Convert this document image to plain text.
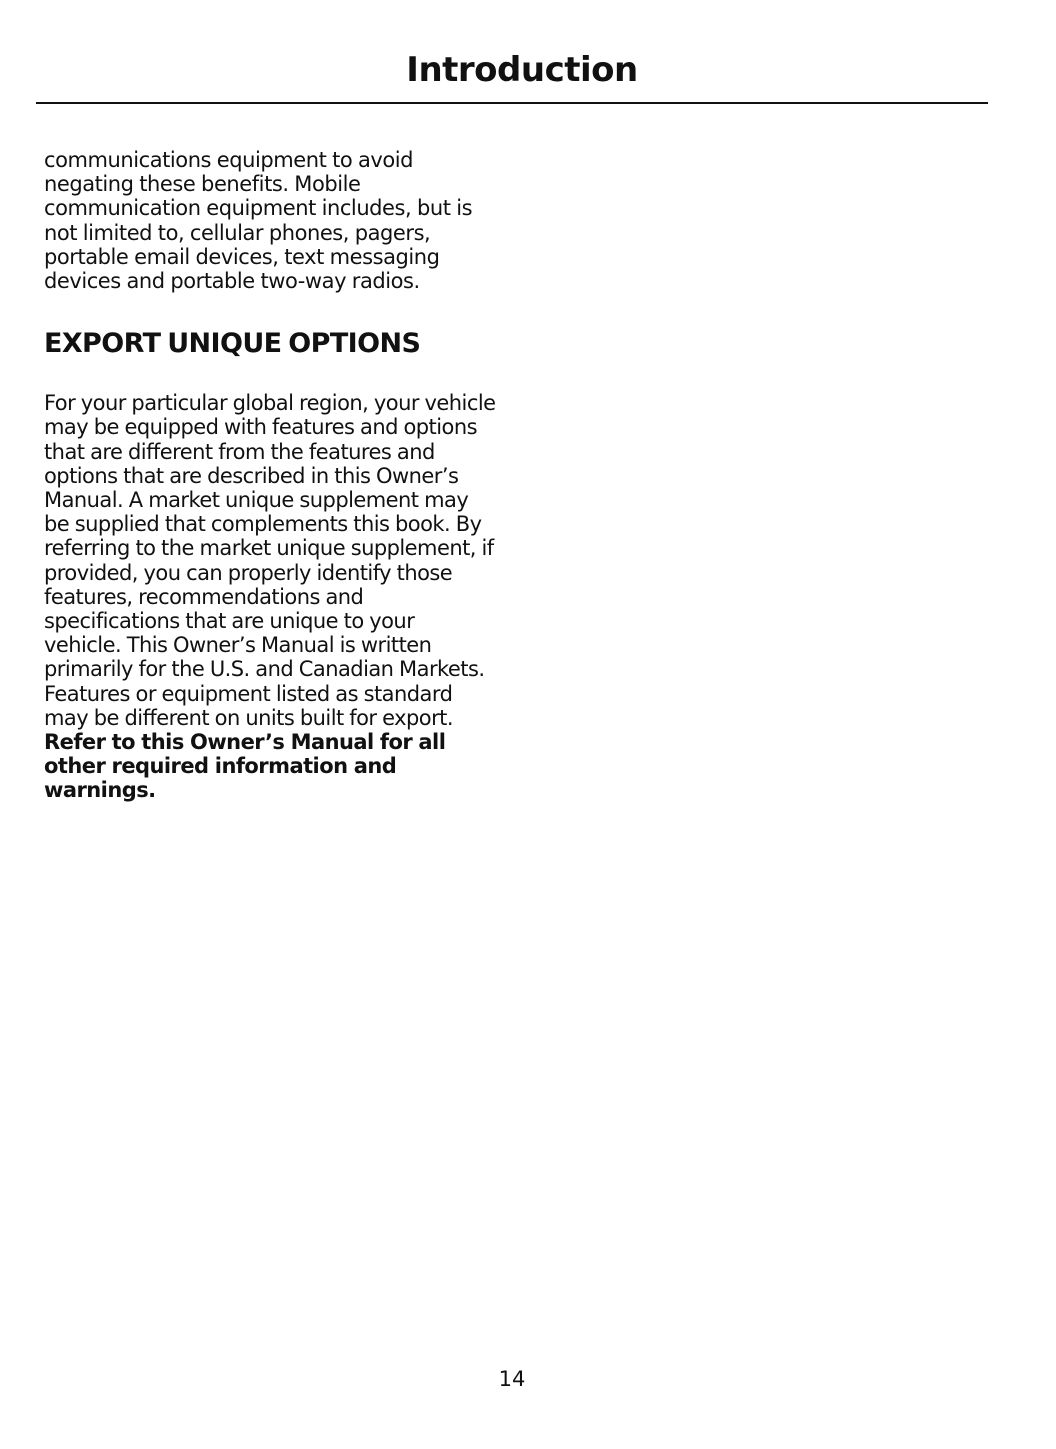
Introduction

communications equipment to avoid negating these benefits. Mobile communication equipment includes, but is not limited to, cellular phones, pagers, portable email devices, text messaging devices and portable two-way radios.

EXPORT UNIQUE OPTIONS

For your particular global region, your vehicle may be equipped with features and options that are different from the features and options that are described in this Owner’s Manual. A market unique supplement may be supplied that complements this book. By referring to the market unique supplement, if provided, you can properly identify those features, recommendations and specifications that are unique to your vehicle. This Owner’s Manual is written primarily for the U.S. and Canadian Markets. Features or equipment listed as standard may be different on units built for export. Refer to this Owner’s Manual for all other required information and warnings.

14
